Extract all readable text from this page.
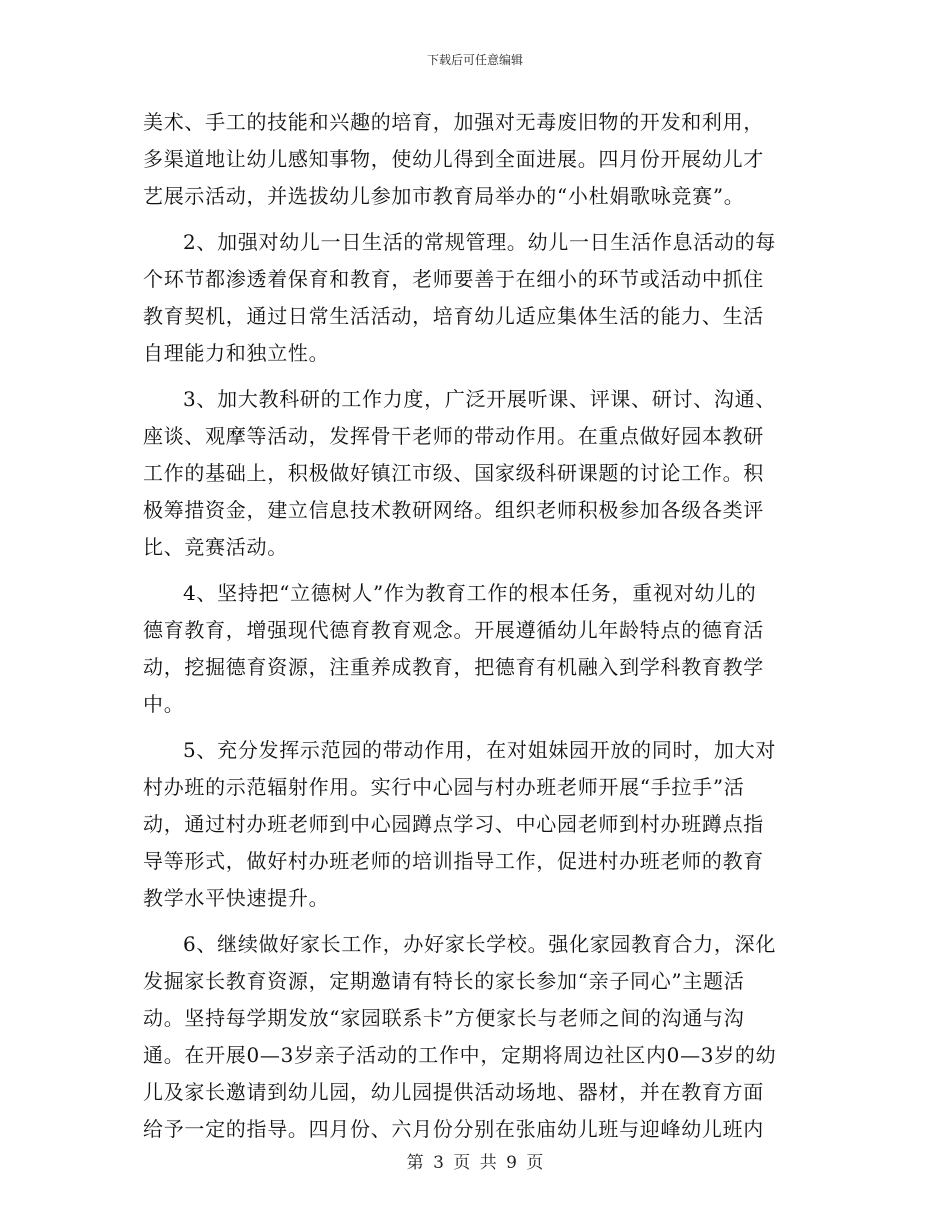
下载后可任意编辑
美术、手工的技能和兴趣的培育，加强对无毒废旧物的开发和利用，
多渠道地让幼儿感知事物，使幼儿得到全面进展。四月份开展幼儿才
艺展示活动，并选拔幼儿参加市教育局举办的“小杜娟歌咏竞赛”。
2、加强对幼儿一日生活的常规管理。幼儿一日生活作息活动的每
个环节都渗透着保育和教育，老师要善于在细小的环节或活动中抓住
教育契机，通过日常生活活动，培育幼儿适应集体生活的能力、生活
自理能力和独立性。
3、加大教科研的工作力度，广泛开展听课、评课、研讨、沟通、
座谈、观摩等活动，发挥骨干老师的带动作用。在重点做好园本教研
工作的基础上，积极做好镇江市级、国家级科研课题的讨论工作。积
极筹措资金，建立信息技术教研网络。组织老师积极参加各级各类评
比、竞赛活动。
4、坚持把“立德树人”作为教育工作的根本任务，重视对幼儿的
德育教育，增强现代德育教育观念。开展遵循幼儿年龄特点的德育活
动，挖掘德育资源，注重养成教育，把德育有机融入到学科教育教学
中。
5、充分发挥示范园的带动作用，在对姐妹园开放的同时，加大对
村办班的示范辐射作用。实行中心园与村办班老师开展“手拉手”活
动，通过村办班老师到中心园蹲点学习、中心园老师到村办班蹲点指
导等形式，做好村办班老师的培训指导工作，促进村办班老师的教育
教学水平快速提升。
6、继续做好家长工作，办好家长学校。强化家园教育合力，深化
发掘家长教育资源，定期邀请有特长的家长参加“亲子同心”主题活
动。坚持每学期发放“家园联系卡”方便家长与老师之间的沟通与沟
通。在开展0—3岁亲子活动的工作中，定期将周边社区内0—3岁的幼
儿及家长邀请到幼儿园，幼儿园提供活动场地、器材，并在教育方面
给予一定的指导。四月份、六月份分别在张庙幼儿班与迎峰幼儿班内
第 3 页 共 9 页
